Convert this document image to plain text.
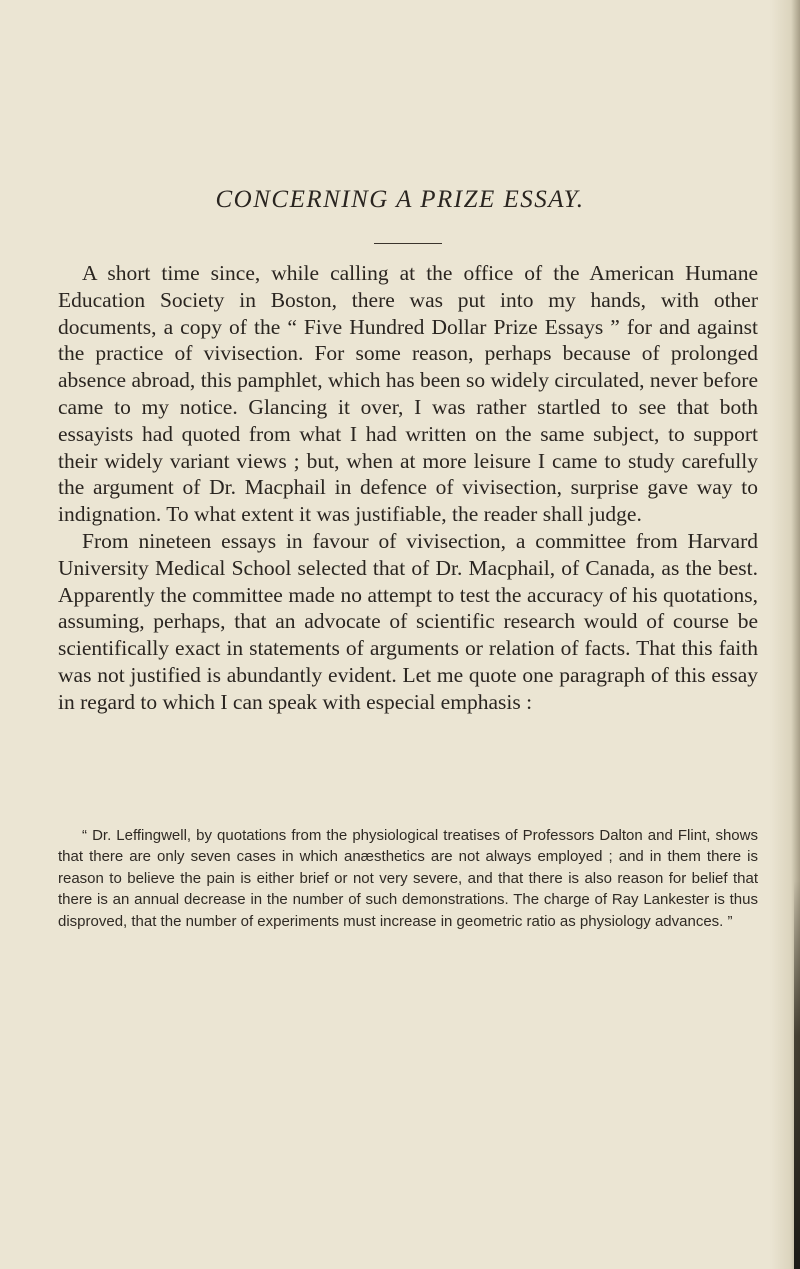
CONCERNING A PRIZE ESSAY.

A short time since, while calling at the office of the American Humane Education Society in Boston, there was put into my hands, with other documents, a copy of the “ Five Hundred Dollar Prize Essays ” for and against the practice of vivisection. For some reason, perhaps because of prolonged absence abroad, this pamphlet, which has been so widely circulated, never before came to my notice. Glancing it over, I was rather startled to see that both essayists had quoted from what I had written on the same subject, to support their widely variant views ; but, when at more leisure I came to study carefully the argument of Dr. Macphail in defence of vivisection, surprise gave way to indignation. To what extent it was justifiable, the reader shall judge.

From nineteen essays in favour of vivisection, a committee from Harvard University Medical School selected that of Dr. Macphail, of Canada, as the best. Apparently the committee made no attempt to test the accuracy of his quotations, assuming, perhaps, that an advocate of scientific research would of course be scientifically exact in statements of arguments or relation of facts. That this faith was not justified is abundantly evident. Let me quote one paragraph of this essay in regard to which I can speak with especial emphasis :

“ Dr. Leffingwell, by quotations from the physiological treatises of Professors Dalton and Flint, shows that there are only seven cases in which anæsthetics are not always employed ; and in them there is reason to believe the pain is either brief or not very severe, and that there is also reason for belief that there is an annual decrease in the number of such demonstrations. The charge of Ray Lankester is thus disproved, that the number of experiments must increase in geometric ratio as physiology advances. ”
